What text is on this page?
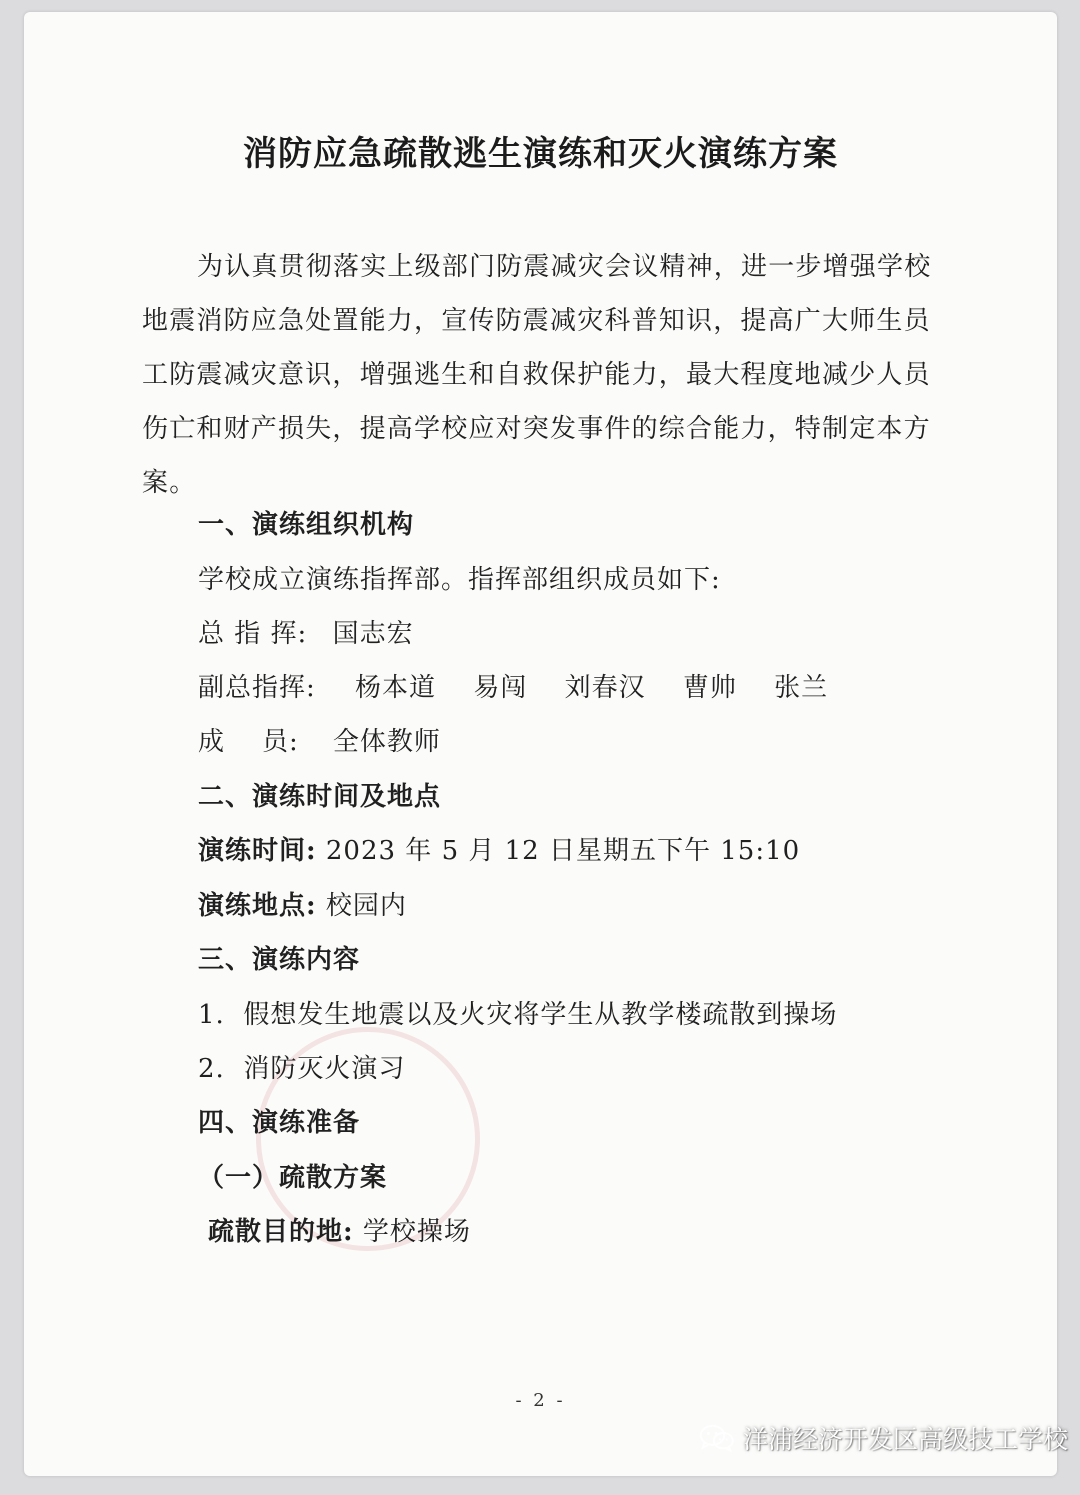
消防应急疏散逃生演练和灭火演练方案
为认真贯彻落实上级部门防震减灾会议精神，进一步增强学校地震消防应急处置能力，宣传防震减灾科普知识，提高广大师生员工防震减灾意识，增强逃生和自救保护能力，最大程度地减少人员伤亡和财产损失，提高学校应对突发事件的综合能力，特制定本方案。
一、演练组织机构
学校成立演练指挥部。指挥部组织成员如下:
总 指 挥: 国志宏
副总指挥: 杨本道 易闯 刘春汉 曹帅 张兰
成    员: 全体教师
二、演练时间及地点
演练时间: 2023 年 5 月 12 日星期五下午 15:10
演练地点: 校园内
三、演练内容
1.  假想发生地震以及火灾将学生从教学楼疏散到操场
2.  消防灭火演习
四、演练准备
（一）疏散方案
疏散目的地: 学校操场
- 2 -
洋浦经济开发区高级技工学校
